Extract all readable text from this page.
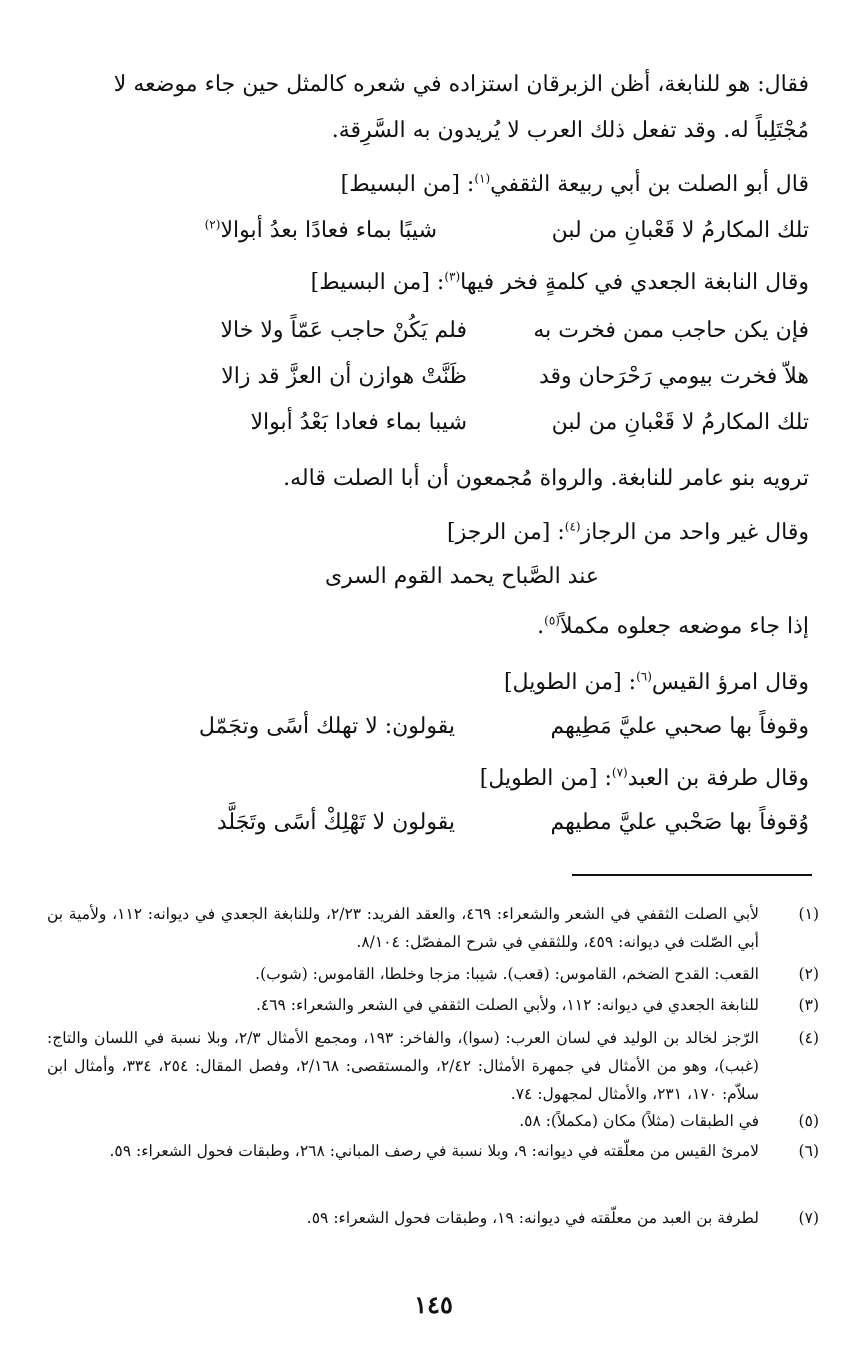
فقال: هو للنابغة، أظن الزبرقان استزاده في شعره كالمثل حين جاء موضعه لا
مُجْتَلِباً له. وقد تفعل ذلك العرب لا يُريدون به السَّرِقة.
قال أبو الصلت بن أبي ربيعة الثقفي$^{(١)}$: [من البسيط]
تلك المكارمُ لا قَعْبانِ من لبن
شيبًا بماء فعادًا بعدُ أبوالا$^{(٢)}$
وقال النابغة الجعدي في كلمةٍ فخر فيها$^{(٣)}$: [من البسيط]
فإن يكن حاجب ممن فخرت به
فلم يَكُنْ حاجب عَمّاً ولا خالا
هلاّ فخرت بيومي رَحْرَحان وقد
ظَنَّتْ هوازن أن العزَّ قد زالا
تلك المكارمُ لا قَعْبانِ من لبن
شيبا بماء فعادا بَعْدُ أبوالا
ترويه بنو عامر للنابغة. والرواة مُجمعون أن أبا الصلت قاله.
وقال غير واحد من الرجاز$^{(٤)}$: [من الرجز]
عند الصَّباح يحمد القوم السرى
إذا جاء موضعه جعلوه مكملاً$^{(٥)}$.
وقال امرؤ القيس$^{(٦)}$: [من الطويل]
وقوفاً بها صحبي عليَّ مَطِيهم
يقولون: لا تهلك أسًى وتجَمّل
وقال طرفة بن العبد$^{(٧)}$: [من الطويل]
وُقوفاً بها صَحْبي عليَّ مطيهم
يقولون لا تَهْلِكْ أسًى وتَجَلَّد
(١)
لأبي الصلت الثقفي في الشعر والشعراء: ٤٦٩، والعقد الفريد: ٢/٢٣، وللنابغة الجعدي في ديوانه: ١١٢، ولأمية بن أبي الصّلت في ديوانه: ٤٥٩، وللثقفي في شرح المفصّل: ٨/١٠٤.
(٢)
القعب: القدح الضخم، القاموس: (قعب). شيبا: مزجا وخلطا، القاموس: (شوب).
(٣)
للنابغة الجعدي في ديوانه: ١١٢، ولأبي الصلت الثقفي في الشعر والشعراء: ٤٦٩.
(٤)
الرّجز لخالد بن الوليد في لسان العرب: (سوا)، والفاخر: ١٩٣، ومجمع الأمثال ٢/٣، وبلا نسبة في اللسان والتاج: (غبب)، وهو من الأمثال في جمهرة الأمثال: ٢/٤٢، والمستقصى: ٢/١٦٨، وفصل المقال: ٢٥٤، ٣٣٤، وأمثال ابن سلاّم: ١٧٠، ٢٣١، والأمثال لمجهول: ٧٤.
(٥)
في الطبقات (مثلاً) مكان (مكملاً): ٥٨.
(٦)
لامرئ القيس من معلّقته في ديوانه: ٩، وبلا نسبة في رصف المباني: ٢٦٨، وطبقات فحول الشعراء: ٥٩.
(٧)
لطرفة بن العبد من معلّقته في ديوانه: ١٩، وطبقات فحول الشعراء: ٥٩.
١٤٥
